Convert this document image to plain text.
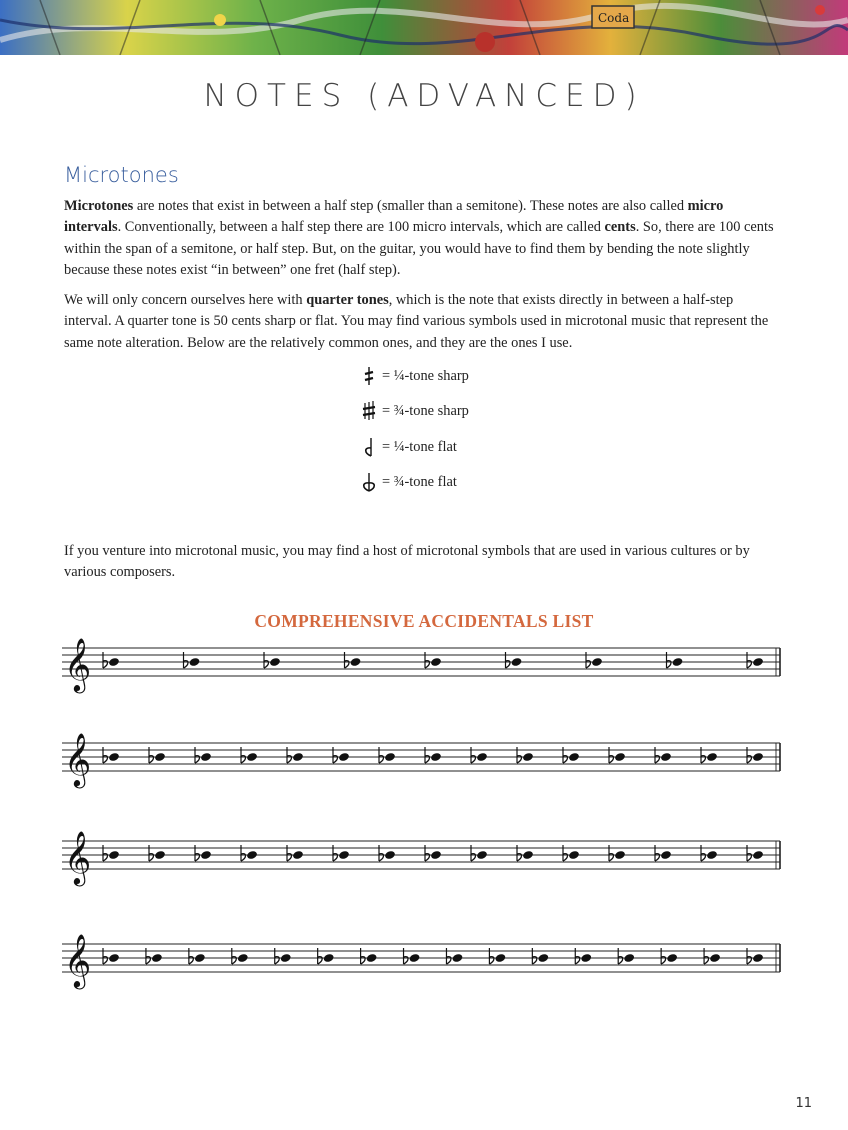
Coda
NOTES (ADVANCED)
Microtones
Microtones are notes that exist in between a half step (smaller than a semitone). These notes are also called micro intervals. Conventionally, between a half step there are 100 micro intervals, which are called cents. So, there are 100 cents within the span of a semitone, or half step. But, on the guitar, you would have to find them by bending the note slightly because these notes exist “in between” one fret (half step).
We will only concern ourselves here with quarter tones, which is the note that exists directly in between a half-step interval. A quarter tone is 50 cents sharp or flat. You may find various symbols used in microtonal music that represent the same note alteration. Below are the relatively common ones, and they are the ones I use.
= ¼-tone sharp
= ¾-tone sharp
= ¼-tone flat
= ¾-tone flat
If you venture into microtonal music, you may find a host of microtonal symbols that are used in various cultures or by various composers.
COMPREHENSIVE ACCIDENTALS LIST
𝄞
𝄞
𝄞
𝄞
11
